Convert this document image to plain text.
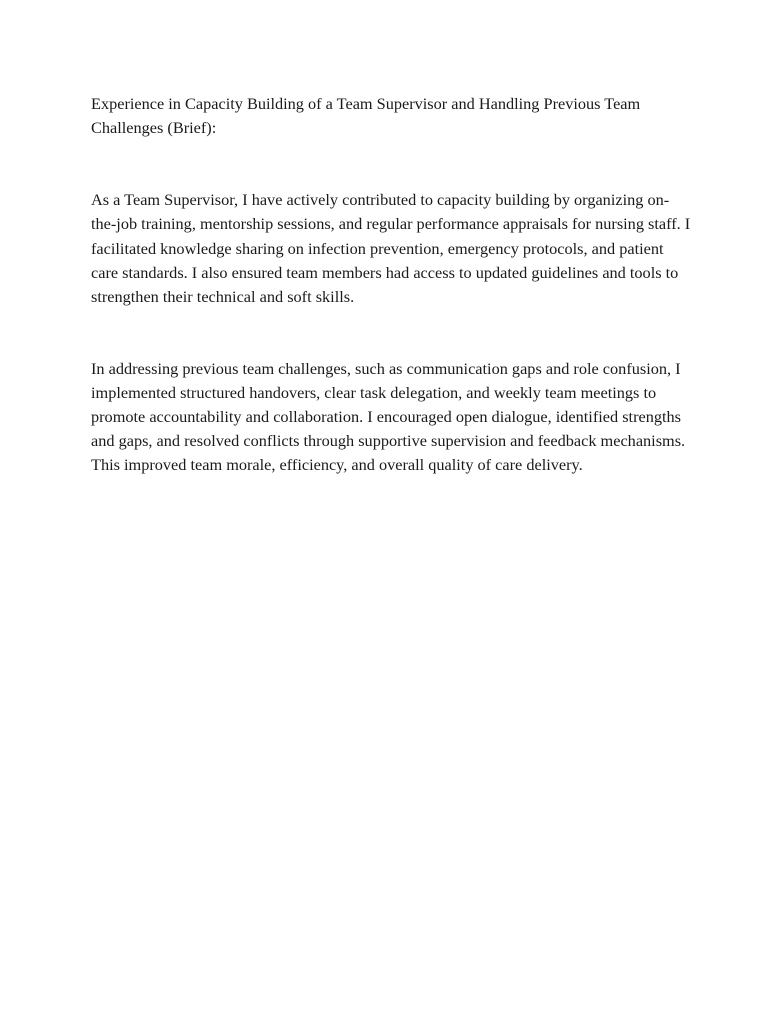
Experience in Capacity Building of a Team Supervisor and Handling Previous Team Challenges (Brief):

As a Team Supervisor, I have actively contributed to capacity building by organizing on-the-job training, mentorship sessions, and regular performance appraisals for nursing staff. I facilitated knowledge sharing on infection prevention, emergency protocols, and patient care standards. I also ensured team members had access to updated guidelines and tools to strengthen their technical and soft skills.

In addressing previous team challenges, such as communication gaps and role confusion, I implemented structured handovers, clear task delegation, and weekly team meetings to promote accountability and collaboration. I encouraged open dialogue, identified strengths and gaps, and resolved conflicts through supportive supervision and feedback mechanisms. This improved team morale, efficiency, and overall quality of care delivery.
